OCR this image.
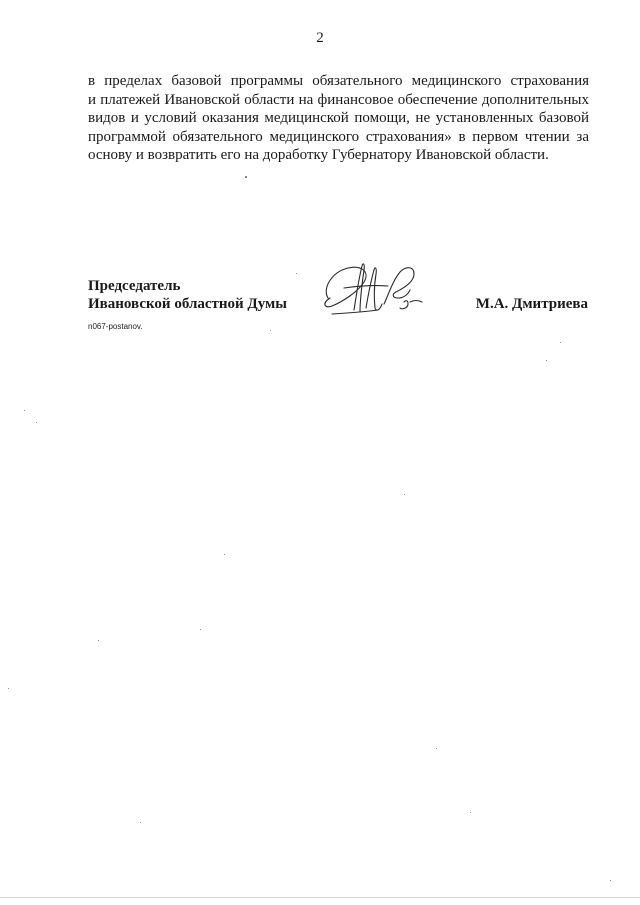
2
в пределах базовой программы обязательного медицинского страхования
и платежей Ивановской области на финансовое обеспечение дополнительных
видов и условий оказания медицинской помощи, не установленных базовой
программой обязательного медицинского страхования» в первом чтении за
основу и возвратить его на доработку Губернатору Ивановской области.
Председатель
Ивановской областной Думы	М.А. Дмитриева
n067-postanov.
